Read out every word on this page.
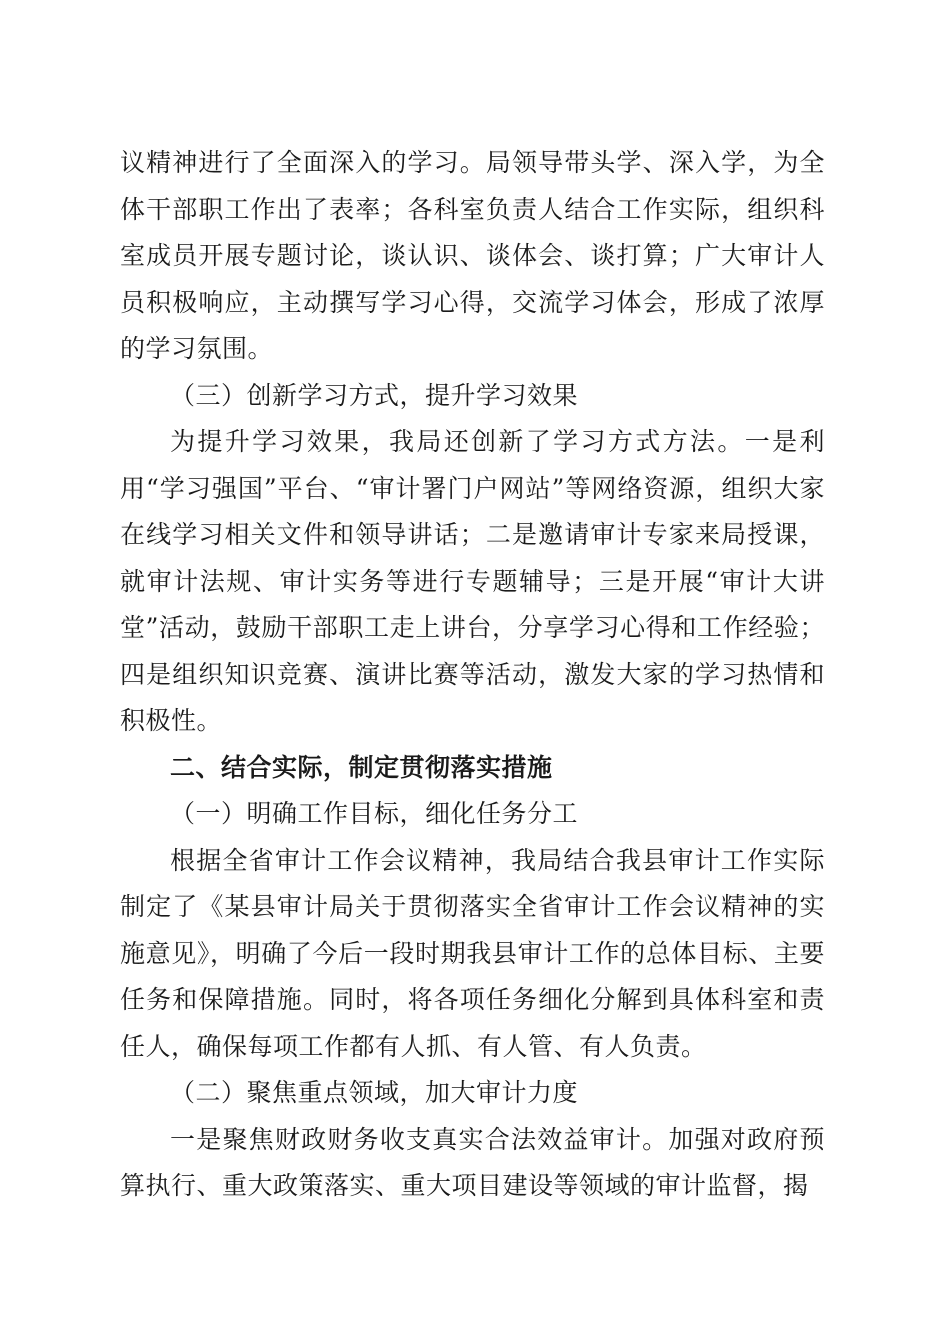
议精神进行了全面深入的学习。局领导带头学、深入学，为全体干部职工作出了表率；各科室负责人结合工作实际，组织科室成员开展专题讨论，谈认识、谈体会、谈打算；广大审计人员积极响应，主动撰写学习心得，交流学习体会，形成了浓厚的学习氛围。

（三）创新学习方式，提升学习效果

为提升学习效果，我局还创新了学习方式方法。一是利用“学习强国”平台、“审计署门户网站”等网络资源，组织大家在线学习相关文件和领导讲话；二是邀请审计专家来局授课，就审计法规、审计实务等进行专题辅导；三是开展“审计大讲堂”活动，鼓励干部职工走上讲台，分享学习心得和工作经验；四是组织知识竞赛、演讲比赛等活动，激发大家的学习热情和积极性。

二、结合实际，制定贯彻落实措施

（一）明确工作目标，细化任务分工

根据全省审计工作会议精神，我局结合我县审计工作实际制定了《某县审计局关于贯彻落实全省审计工作会议精神的实施意见》，明确了今后一段时期我县审计工作的总体目标、主要任务和保障措施。同时，将各项任务细化分解到具体科室和责任人，确保每项工作都有人抓、有人管、有人负责。

（二）聚焦重点领域，加大审计力度

一是聚焦财政财务收支真实合法效益审计。加强对政府预算执行、重大政策落实、重大项目建设等领域的审计监督，揭
